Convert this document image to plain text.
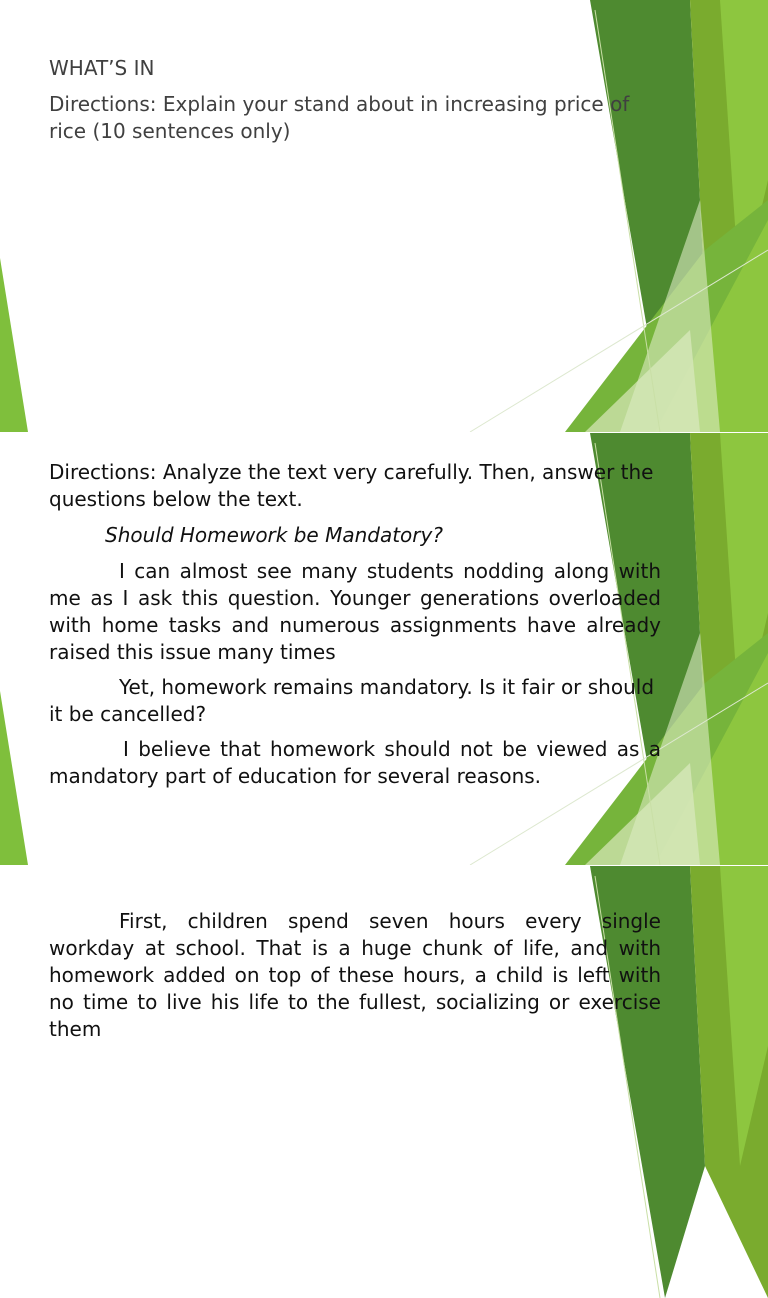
WHAT’S IN

Directions: Explain your stand about in increasing price of rice (10 sentences only)

Directions: Analyze the text very carefully. Then, answer the questions below the text.

Should Homework be Mandatory?

I can almost see many students nodding along with me as I ask this question. Younger generations overloaded with home tasks and numerous assignments have already raised this issue many times

Yet, homework remains mandatory. Is it fair or should it be cancelled?

I believe that homework should not be viewed as a mandatory part of education for several reasons.

First, children spend seven hours every single workday at school. That is a huge chunk of life, and with homework added on top of these hours, a child is left with no time to live his life to the fullest, socializing or exercise them
